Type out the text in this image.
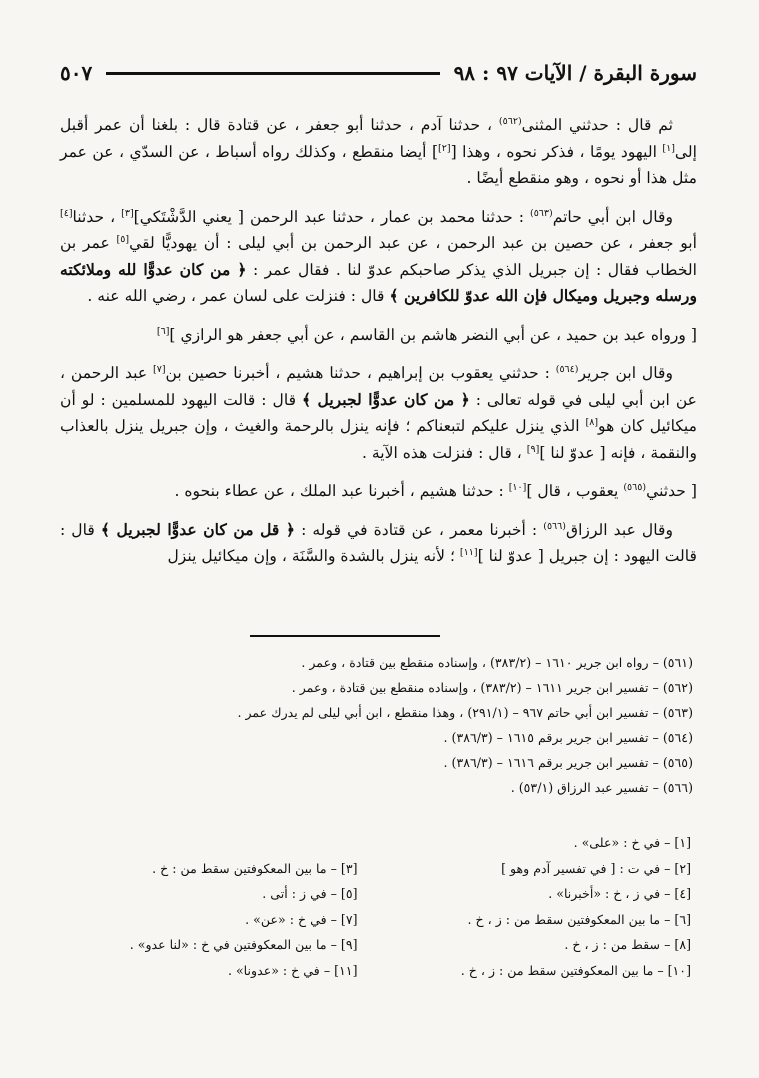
سورة البقرة / الآيات ٩٧ : ٩٨
٥٠٧

ثم قال : حدثني المثنى$^{(٥٦٢)}$ ، حدثنا آدم ، حدثنا أبو جعفر ، عن قتادة قال : بلغنا أن عمر أقبل إلى[١] اليهود يومًا ، فذكر نحوه ، وهذا [[٢]] أيضا منقطع ، وكذلك رواه أسباط ، عن السدّي ، عن عمر مثل هذا أو نحوه ، وهو منقطع أيضًا .

وقال ابن أبي حاتم$^{(٥٦٣)}$ : حدثنا محمد بن عمار ، حدثنا عبد الرحمن [ يعني الدَّشْتَكي][٣] ، حدثنا[٤] أبو جعفر ، عن حصين بن عبد الرحمن ، عن عبد الرحمن بن أبي ليلى : أن يهوديًّا لقي[٥] عمر بن الخطاب فقال : إن جبريل الذي يذكر صاحبكم عدوّ لنا . فقال عمر : ﴿ من كان عدوًّا لله وملائكته ورسله وجبريل وميكال فإن الله عدوّ للكافرين ﴾ قال : فنزلت على لسان عمر ، رضي الله عنه .

[ ورواه عبد بن حميد ، عن أبي النضر هاشم بن القاسم ، عن أبي جعفر هو الرازي ][٦]

وقال ابن جرير$^{(٥٦٤)}$ : حدثني يعقوب بن إبراهيم ، حدثنا هشيم ، أخبرنا حصين بن[٧] عبد الرحمن ، عن ابن أبي ليلى في قوله تعالى : ﴿ من كان عدوًّا لجبريل ﴾ قال : قالت اليهود للمسلمين : لو أن ميكائيل كان هو[٨] الذي ينزل عليكم لتبعناكم ؛ فإنه ينزل بالرحمة والغيث ، وإن جبريل ينزل بالعذاب والنقمة ، فإنه [ عدوّ لنا ][٩] ، قال : فنزلت هذه الآية .

[ حدثني$^{(٥٦٥)}$ يعقوب ، قال ][١٠] : حدثنا هشيم ، أخبرنا عبد الملك ، عن عطاء بنحوه .

وقال عبد الرزاق$^{(٥٦٦)}$ : أخبرنا معمر ، عن قتادة في قوله : ﴿ قل من كان عدوًّا لجبريل ﴾ قال : قالت اليهود : إن جبريل [ عدوّ لنا ][١١] ؛ لأنه ينزل بالشدة والسَّنَة ، وإن ميكائيل ينزل

(٥٦١) – رواه ابن جرير ١٦١٠ – (٣٨٣/٢) ، وإسناده منقطع بين قتادة ، وعمر .

(٥٦٢) – تفسير ابن جرير ١٦١١ – (٣٨٣/٢) ، وإسناده منقطع بين قتادة ، وعمر .

(٥٦٣) – تفسير ابن أبي حاتم ٩٦٧ – (٢٩١/١) ، وهذا منقطع ، ابن أبي ليلى لم يدرك عمر .

(٥٦٤) – تفسير ابن جرير برقم ١٦١٥ – (٣٨٦/٣) .

(٥٦٥) – تفسير ابن جرير برقم ١٦١٦ – (٣٨٦/٣) .

(٥٦٦) – تفسير عبد الرزاق (٥٣/١) .

[١] – في خ : «على» .
[٢] – في ت : [ في تفسير آدم وهو ]
[٣] – ما بين المعكوفتين سقط من : خ .
[٤] – في ز ، خ : «أخبرنا» .
[٥] – في ز : أتى .
[٦] – ما بين المعكوفتين سقط من : ز ، خ .
[٧] – في خ : «عن» .
[٨] – سقط من : ز ، خ .
[٩] – ما بين المعكوفتين في خ : «لنا عدو» .
[١٠] – ما بين المعكوفتين سقط من : ز ، خ .
[١١] – في خ : «عدونا» .
